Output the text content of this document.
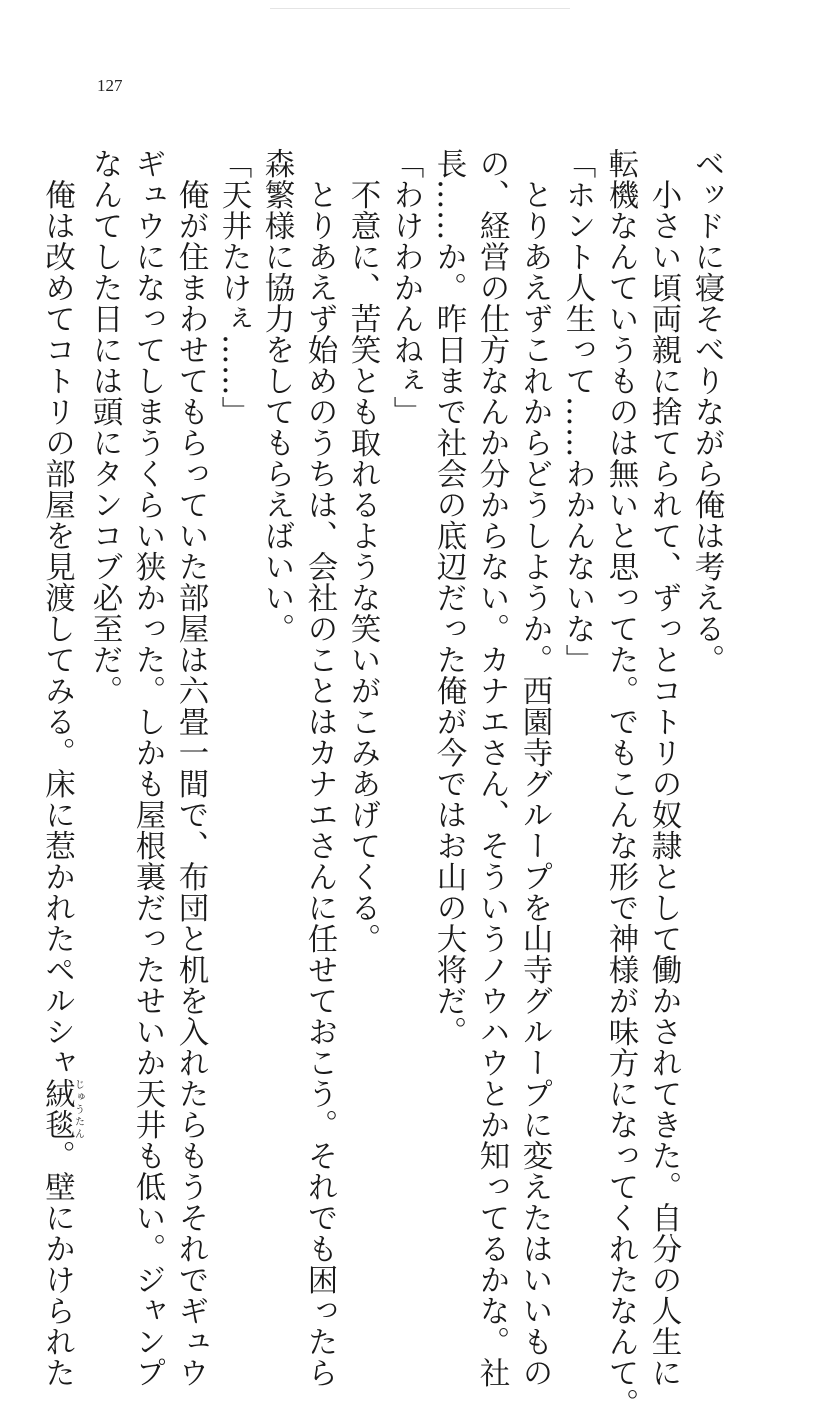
127
ベッドに寝そべりながら俺は考える。
　小さい頃両親に捨てられて、ずっとコトリの奴隷として働かされてきた。自分の人生に
転機なんていうものは無いと思ってた。でもこんな形で神様が味方になってくれたなんて。
「ホント人生って……わかんないな」
　とりあえずこれからどうしようか。西園寺グループを山寺グループに変えたはいいもの
の、経営の仕方なんか分からない。カナエさん、そういうノウハウとか知ってるかな。社
長……か。昨日まで社会の底辺だった俺が今ではお山の大将だ。
「わけわかんねぇ」
　不意に、苦笑とも取れるような笑いがこみあげてくる。
　とりあえず始めのうちは、会社のことはカナエさんに任せておこう。それでも困ったら
森繁様に協力をしてもらえばいい。
「天井たけぇ……」
　俺が住まわせてもらっていた部屋は六畳一間で、布団と机を入れたらもうそれでギュウ
ギュウになってしまうくらい狭かった。しかも屋根裏だったせいか天井も低い。ジャンプ
なんてした日には頭にタンコブ必至だ。
　俺は改めてコトリの部屋を見渡してみる。床に惹かれたペルシャ絨毯じゅうたん。壁にかけられた
